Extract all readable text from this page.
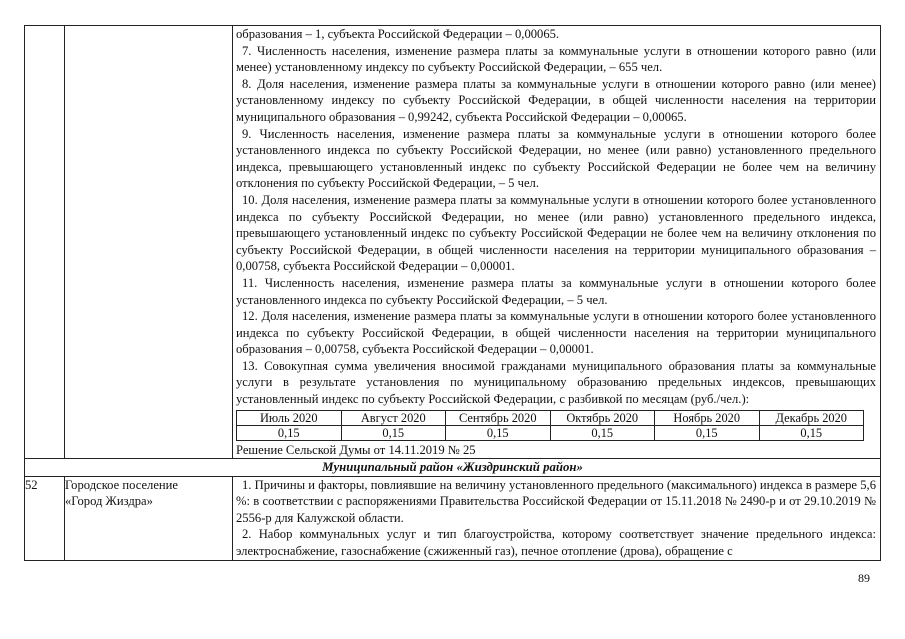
образования – 1, субъекта Российской Федерации – 0,00065.

7. Численность населения, изменение размера платы за коммунальные услуги в отношении которого равно (или менее) установленному индексу по субъекту Российской Федерации, – 655 чел.

8. Доля населения, изменение размера платы за коммунальные услуги в отношении которого равно (или менее) установленному индексу по субъекту Российской Федерации, в общей численности населения на территории муниципального образования – 0,99242, субъекта Российской Федерации – 0,00065.

9. Численность населения, изменение размера платы за коммунальные услуги в отношении которого более установленного индекса по субъекту Российской Федерации, но менее (или равно) установленного предельного индекса, превышающего установленный индекс по субъекту Российской Федерации не более чем на величину отклонения по субъекту Российской Федерации, – 5 чел.

10. Доля населения, изменение размера платы за коммунальные услуги в отношении которого более установленного индекса по субъекту Российской Федерации, но менее (или равно) установленного предельного индекса, превышающего установленный индекс по субъекту Российской Федерации не более чем на величину отклонения по субъекту Российской Федерации, в общей численности населения на территории муниципального образования – 0,00758, субъекта Российской Федерации – 0,00001.

11. Численность населения, изменение размера платы за коммунальные услуги в отношении которого более установленного индекса по субъекту Российской Федерации, – 5 чел.

12. Доля населения, изменение размера платы за коммунальные услуги в отношении которого более установленного индекса по субъекту Российской Федерации, в общей численности населения на территории муниципального образования – 0,00758, субъекта Российской Федерации – 0,00001.

13. Совокупная сумма увеличения вносимой гражданами муниципального образования платы за коммунальные услуги в результате установления по муниципальному образованию предельных индексов, превышающих установленный индекс по субъекту Российской Федерации, с разбивкой по месяцам (руб./чел.):

Июль 2020	Август 2020	Сентябрь 2020	Октябрь 2020	Ноябрь 2020	Декабрь 2020
0,15	0,15	0,15	0,15	0,15	0,15
Решение Сельской Думы от 14.11.2019 № 25

Муниципальный район «Жиздринский район»
52	Городское поселение
«Город Жиздра»

1. Причины и факторы, повлиявшие на величину установленного предельного (максимального) индекса в размере 5,6 %: в соответствии с распоряжениями Правительства Российской Федерации от 15.11.2018 № 2490-р и от 29.10.2019 № 2556-р для Калужской области.

2. Набор коммунальных услуг и тип благоустройства, которому соответствует значение предельного индекса: электроснабжение, газоснабжение (сжиженный газ), печное отопление (дрова), обращение с

89
